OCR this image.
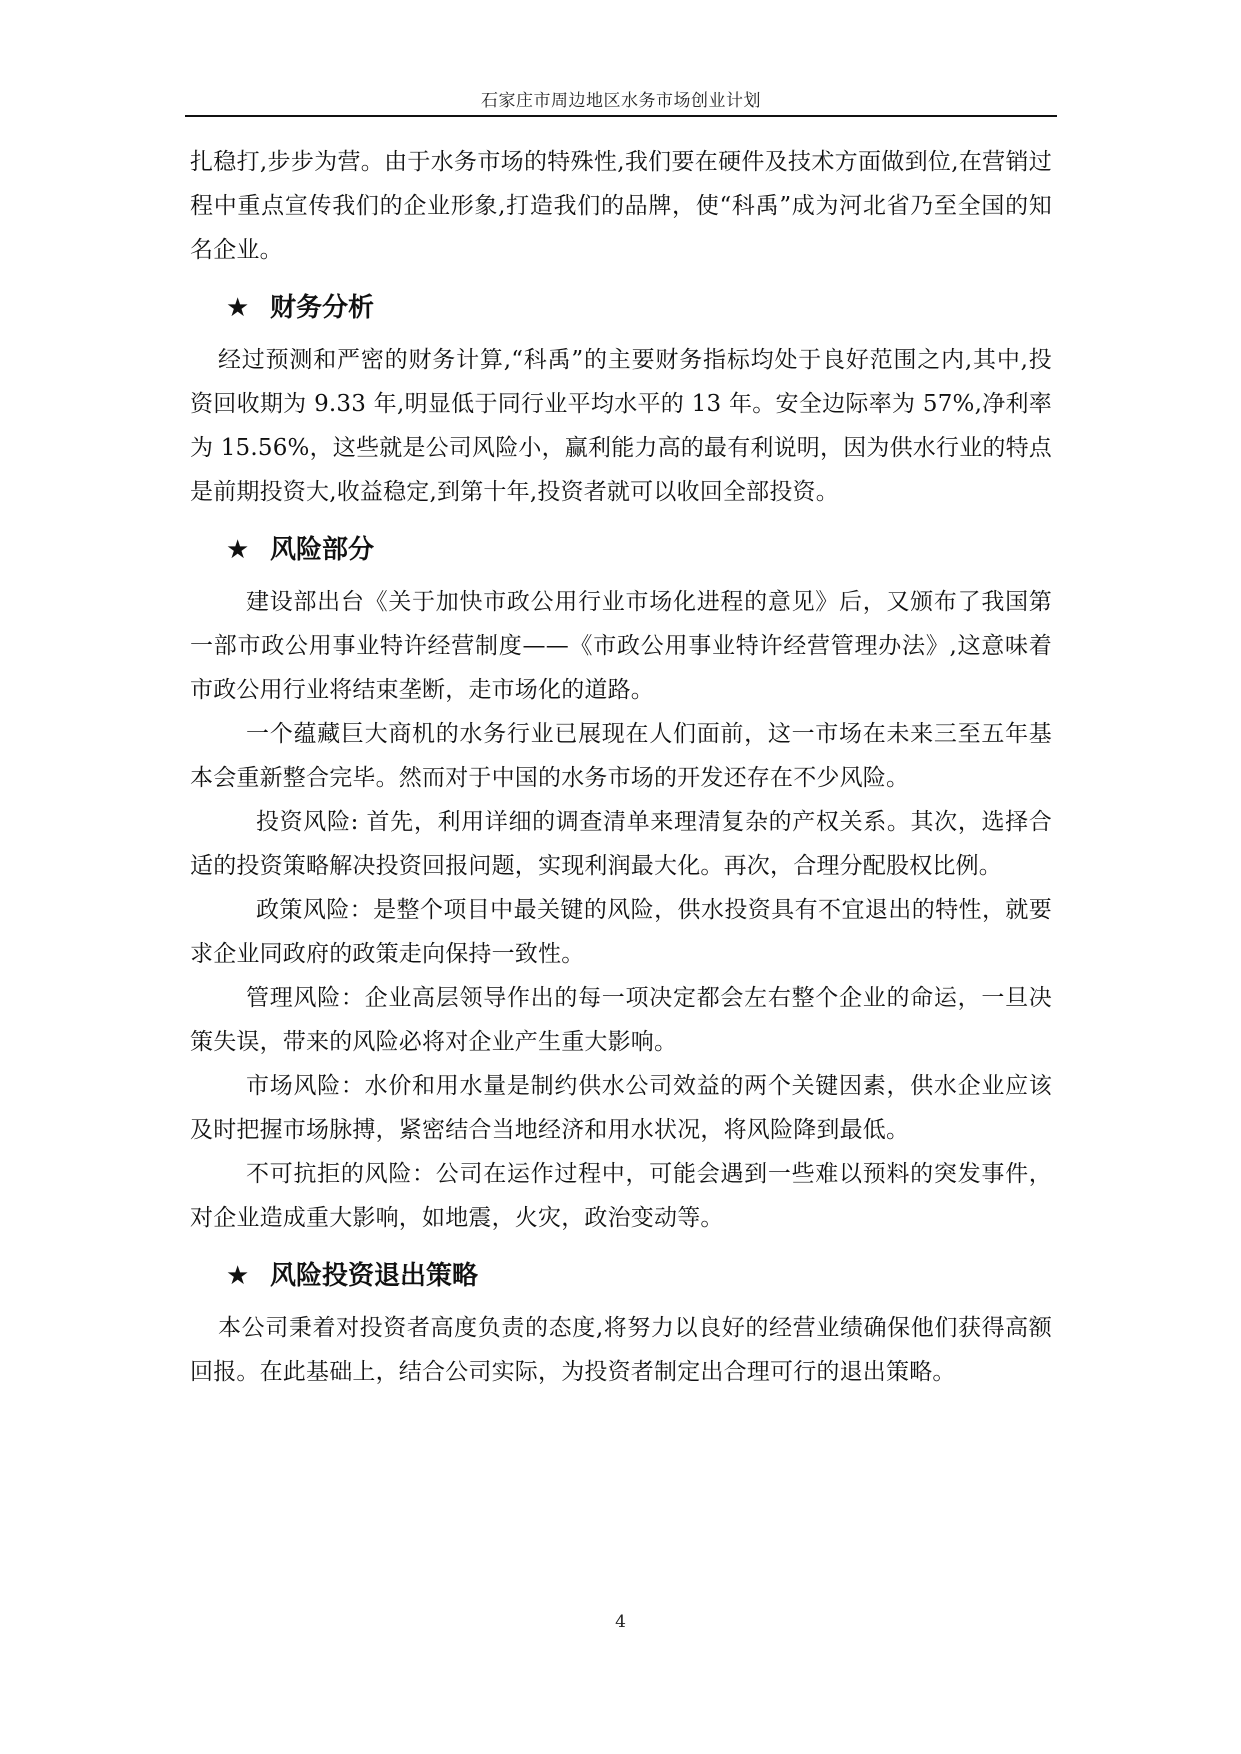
石家庄市周边地区水务市场创业计划

扎稳打,步步为营。由于水务市场的特殊性,我们要在硬件及技术方面做到位,在营销过程中重点宣传我们的企业形象,打造我们的品牌，使“科禹”成为河北省乃至全国的知名企业。

★ 财务分析

经过预测和严密的财务计算,“科禹”的主要财务指标均处于良好范围之内,其中,投资回收期为 9.33 年,明显低于同行业平均水平的 13 年。安全边际率为 57%,净利率为 15.56%，这些就是公司风险小，赢利能力高的最有利说明，因为供水行业的特点是前期投资大,收益稳定,到第十年,投资者就可以收回全部投资。

★ 风险部分

建设部出台《关于加快市政公用行业市场化进程的意见》后，又颁布了我国第一部市政公用事业特许经营制度——《市政公用事业特许经营管理办法》,这意味着市政公用行业将结束垄断，走市场化的道路。

一个蕴藏巨大商机的水务行业已展现在人们面前，这一市场在未来三至五年基本会重新整合完毕。然而对于中国的水务市场的开发还存在不少风险。

投资风险: 首先，利用详细的调查清单来理清复杂的产权关系。其次，选择合适的投资策略解决投资回报问题，实现利润最大化。再次，合理分配股权比例。

政策风险：是整个项目中最关键的风险，供水投资具有不宜退出的特性，就要求企业同政府的政策走向保持一致性。

管理风险：企业高层领导作出的每一项决定都会左右整个企业的命运，一旦决策失误，带来的风险必将对企业产生重大影响。

市场风险：水价和用水量是制约供水公司效益的两个关键因素，供水企业应该及时把握市场脉搏，紧密结合当地经济和用水状况，将风险降到最低。

不可抗拒的风险：公司在运作过程中，可能会遇到一些难以预料的突发事件，对企业造成重大影响，如地震，火灾，政治变动等。

★ 风险投资退出策略

本公司秉着对投资者高度负责的态度,将努力以良好的经营业绩确保他们获得高额回报。在此基础上，结合公司实际，为投资者制定出合理可行的退出策略。

4
